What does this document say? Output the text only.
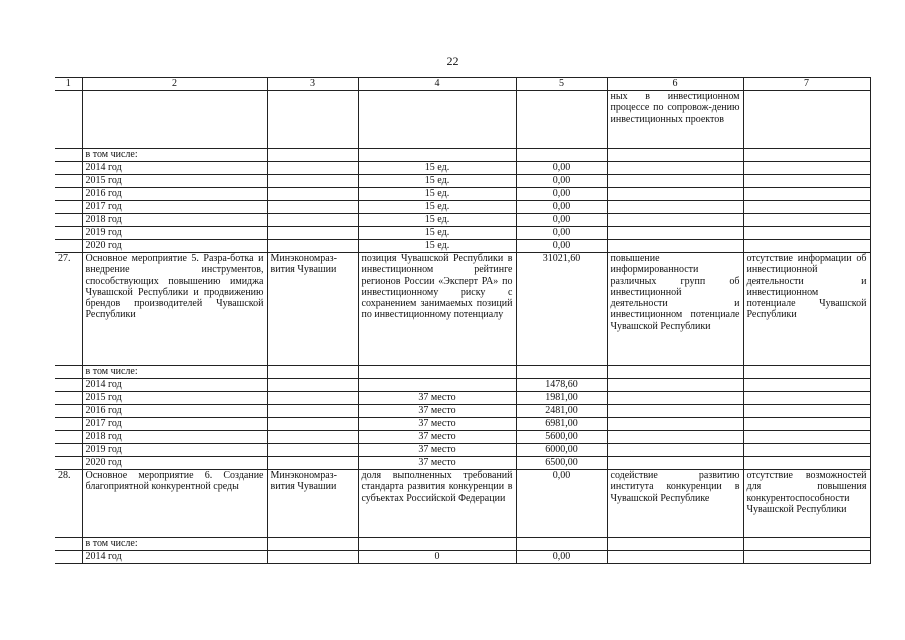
22
1	2	3	4	5	6	7
					ных в инвестиционном процессе по сопровож-дению инвестиционных проектов	
	в том числе:					
	2014 год		15 ед.	0,00		
	2015 год		15 ед.	0,00		
	2016 год		15 ед.	0,00		
	2017 год		15 ед.	0,00		
	2018 год		15 ед.	0,00		
	2019 год		15 ед.	0,00		
	2020 год		15 ед.	0,00		
27.	Основное мероприятие 5. Разра-ботка и внедрение инструментов, способствующих повышению имиджа Чувашской Республики и продвижению брендов производителей Чувашской Республики	Минэкономраз-вития Чувашии	позиция Чувашской Республики в инвестиционном рейтинге регионов России «Эксперт РА» по инвестиционному риску с сохранением занимаемых позиций по инвестиционному потенциалу	31021,60	повышение информированности различных групп об инвестиционной деятельности и инвестиционном потенциале Чувашской Республики	отсутствие информации об инвестиционной деятельности и инвестиционном потенциале Чувашской Республики
	в том числе:					
	2014 год			1478,60		
	2015 год		37 место	1981,00		
	2016 год		37 место	2481,00		
	2017 год		37 место	6981,00		
	2018 год		37 место	5600,00		
	2019 год		37 место	6000,00		
	2020 год		37 место	6500,00		
28.	Основное мероприятие 6. Создание благоприятной конкурентной среды	Минэкономраз-вития Чувашии	доля выполненных требований стандарта развития конкуренции в субъектах Российской Федерации	0,00	содействие развитию института конкуренции в Чувашской Республике	отсутствие возможностей для повышения конкурентоспособности Чувашской Республики
	в том числе:					
	2014 год		0	0,00		
